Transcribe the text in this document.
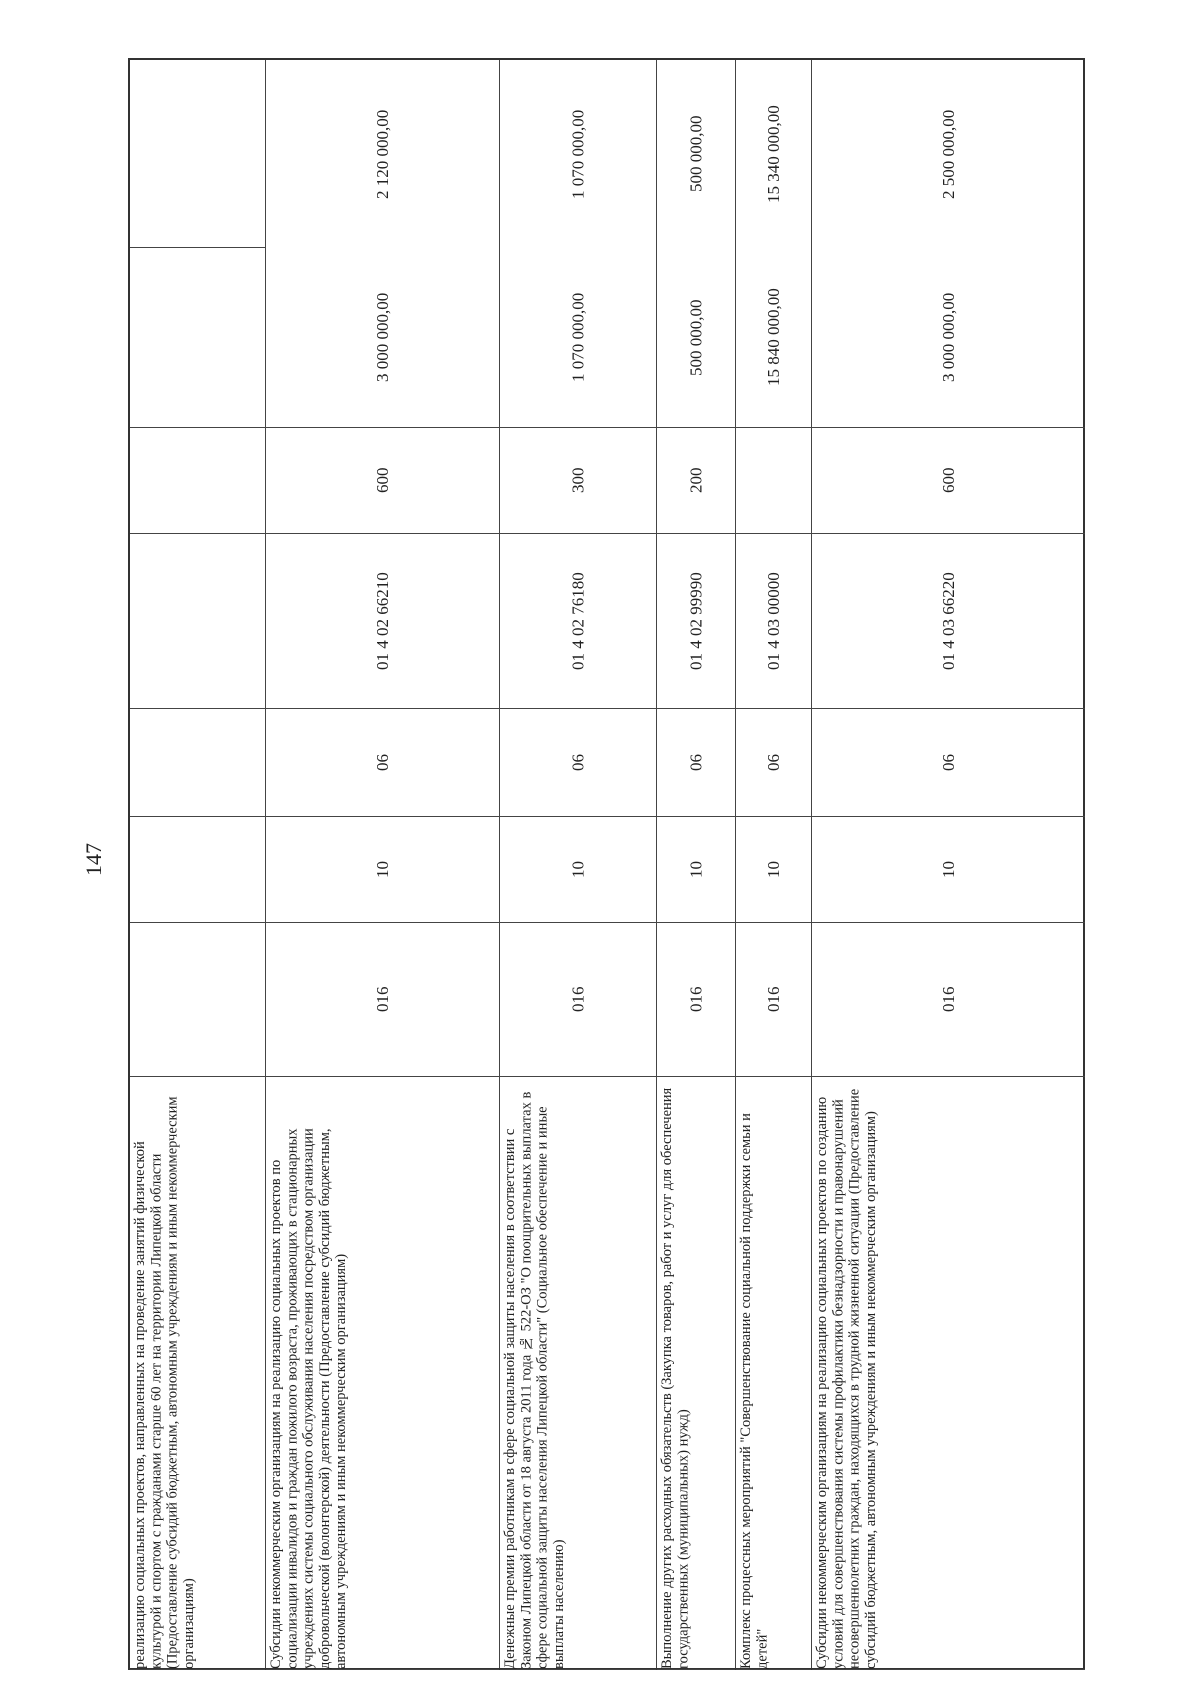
147
реализацию социальных проектов, направленных на проведение занятий физической культурой и спортом с гражданами старше 60 лет на территории Липецкой области (Предоставление субсидий бюджетным, автономным учреждениям и иным некоммерческим организациям)	Субсидии некоммерческим организациям на реализацию социальных проектов по социализации инвалидов и граждан пожилого возраста, проживающих в стационарных учреждениях системы социального обслуживания населения посредством организации добровольческой (волонтерской) деятельности (Предоставление субсидий бюджетным, автономным учреждениям и иным некоммерческим организациям)
016
10
06
01 4 02 66210
600
3 000 000,00
2 120 000,00
Денежные премии работникам в сфере социальной защиты населения в соответствии с Законом Липецкой области от 18 августа 2011 года № 522-ОЗ "О поощрительных выплатах в сфере социальной защиты населения Липецкой области" (Социальное обеспечение и иные выплаты населению)
016
10
06
01 4 02 76180
300
1 070 000,00
1 070 000,00
Выполнение других расходных обязательств (Закупка товаров, работ и услуг для обеспечения государственных (муниципальных) нужд)
016
10
06
01 4 02 99990
200
500 000,00
500 000,00
Комплекс процессных мероприятий "Совершенствование социальной поддержки семьи и детей"
016
10
06
01 4 03 00000
15 840 000,00
15 340 000,00
Субсидии некоммерческим организациям на реализацию социальных проектов по созданию условий для совершенствования системы профилактики безнадзорности и правонарушений несовершеннолетних граждан, находящихся в трудной жизненной ситуации (Предоставление субсидий бюджетным, автономным учреждениям и иным некоммерческим организациям)
016
10
06
01 4 03 66220
600
3 000 000,00
2 500 000,00
